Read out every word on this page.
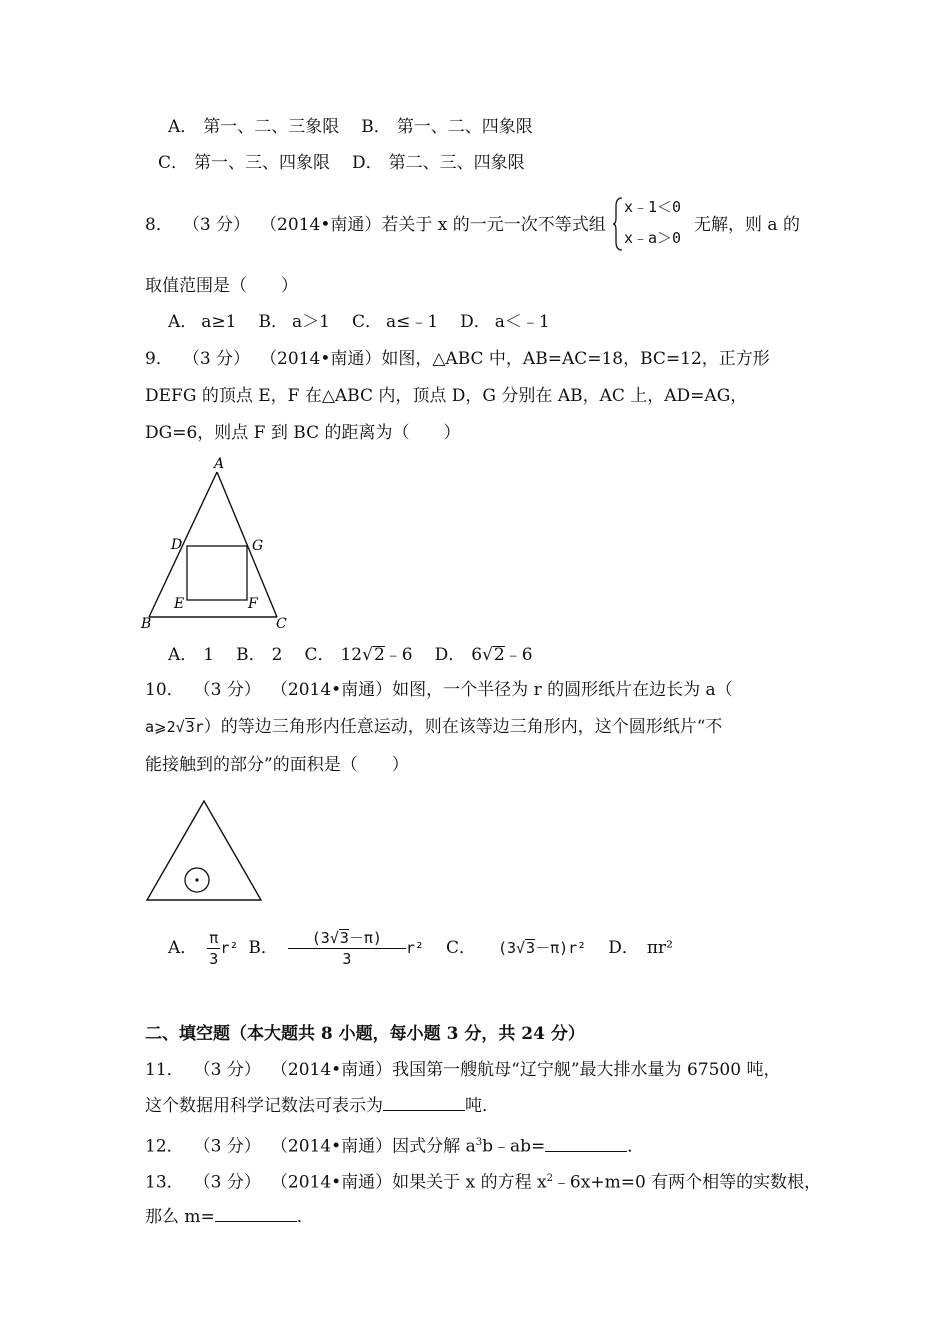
A． 第一、二、三象限 B． 第一、二、四象限
C． 第一、三、四象限 D． 第二、三、四象限
8． （3 分） （2014•南通）若关于 x 的一元一次不等式组
x﹣1＜0
x﹣a＞0
无解，则 a 的
取值范围是（　　）
A． a≥1 B． a＞1 C． a≤﹣1 D． a＜﹣1
9． （3 分） （2014•南通）如图，△ABC 中，AB=AC=18，BC=12，正方形
DEFG 的顶点 E，F 在△ABC 内，顶点 D，G 分别在 AB，AC 上，AD=AG，
DG=6，则点 F 到 BC 的距离为（　　）
A
B	C
D	G
E	F
A． 1 B． 2 C． 12√2﹣6 D． 6√2﹣6
10． （3 分） （2014•南通）如图，一个半径为 r 的圆形纸片在边长为 a（
a⩾2√3r）的等边三角形内任意运动，则在该等边三角形内，这个圆形纸片“不
能接触到的部分”的面积是（　　）
A． $\frac{\pi}{3} r^2$ B． $\frac{(3√3-\pi)}{3} r^2$ C． (3√3－π)r² D． πr²
二、填空题（本大题共 8 小题，每小题 3 分，共 24 分）
11． （3 分） （2014•南通）我国第一艘航母“辽宁舰”最大排水量为 67500 吨，
这个数据用科学记数法可表示为	吨．
12． （3 分） （2014•南通）因式分解 $a^3b﹣ab=$	．
13． （3 分） （2014•南通）如果关于 x 的方程 $x^2﹣6x+m=0$ 有两个相等的实数根，
那么 m=	．
